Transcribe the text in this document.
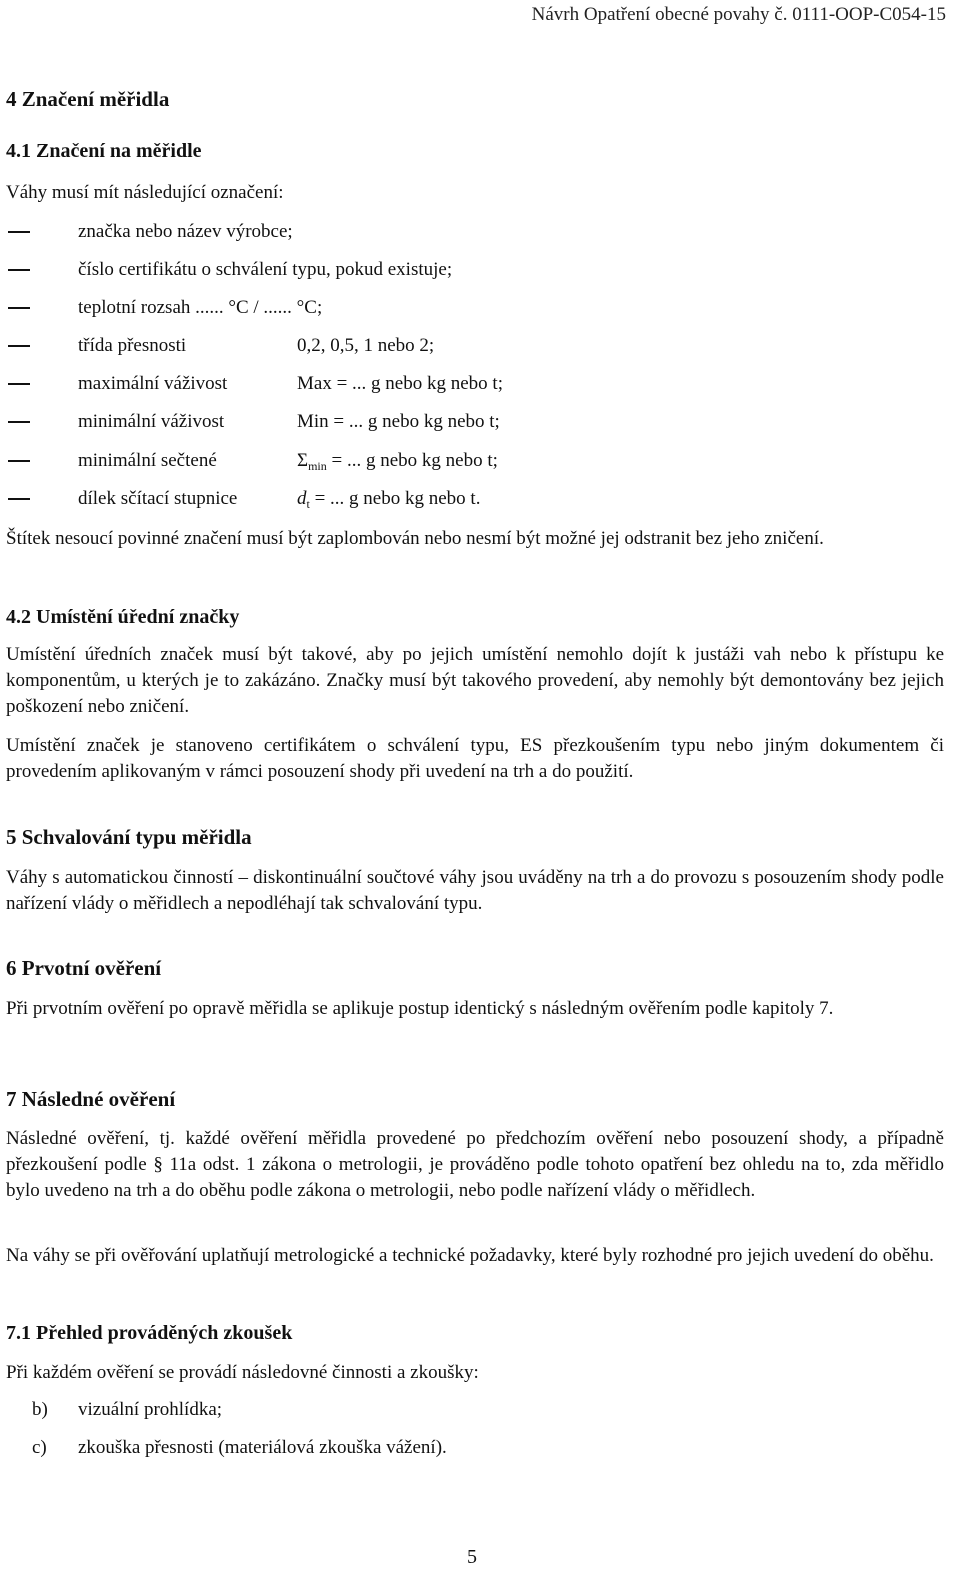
Návrh Opatření obecné povahy č. 0111-OOP-C054-15
4 Značení měřidla
4.1 Značení na měřidle
Váhy musí mít následující označení:
značka nebo název výrobce;
číslo certifikátu o schválení typu, pokud existuje;
teplotní rozsah ...... °C / ...... °C;
třída přesnosti	0,2, 0,5, 1 nebo 2;
maximální váživost	Max = ... g nebo kg nebo t;
minimální váživost	Min = ... g nebo kg nebo t;
minimální sečtené	$\Sigma_{min}$ = ... g nebo kg nebo t;
dílek sčítací stupnice	$d_t$ = ... g nebo kg nebo t.
Štítek nesoucí povinné značení musí být zaplombován nebo nesmí být možné jej odstranit bez jeho zničení.
4.2 Umístění úřední značky
Umístění úředních značek musí být takové, aby po jejich umístění nemohlo dojít k justáži vah nebo k přístupu ke komponentům, u kterých je to zakázáno. Značky musí být takového provedení, aby nemohly být demontovány bez jejich poškození nebo zničení.
Umístění značek je stanoveno certifikátem o schválení typu, ES přezkoušením typu nebo jiným dokumentem či provedením aplikovaným v rámci posouzení shody při uvedení na trh a do použití.
5 Schvalování typu měřidla
Váhy s automatickou činností – diskontinuální součtové váhy jsou uváděny na trh a do provozu s posouzením shody podle nařízení vlády o měřidlech a nepodléhají tak schvalování typu.
6 Prvotní ověření
Při prvotním ověření po opravě měřidla se aplikuje postup identický s následným ověřením podle kapitoly 7.
7 Následné ověření
Následné ověření, tj. každé ověření měřidla provedené po předchozím ověření nebo posouzení shody, a případně přezkoušení podle § 11a odst. 1 zákona o metrologii, je prováděno podle tohoto opatření bez ohledu na to, zda měřidlo bylo uvedeno na trh a do oběhu podle zákona o metrologii, nebo podle nařízení vlády o měřidlech.
Na váhy se při ověřování uplatňují metrologické a technické požadavky, které byly rozhodné pro jejich uvedení do oběhu.
7.1 Přehled prováděných zkoušek
Při každém ověření se provádí následovné činnosti a zkoušky:
b) vizuální prohlídka;
c) zkouška přesnosti (materiálová zkouška vážení).
5
